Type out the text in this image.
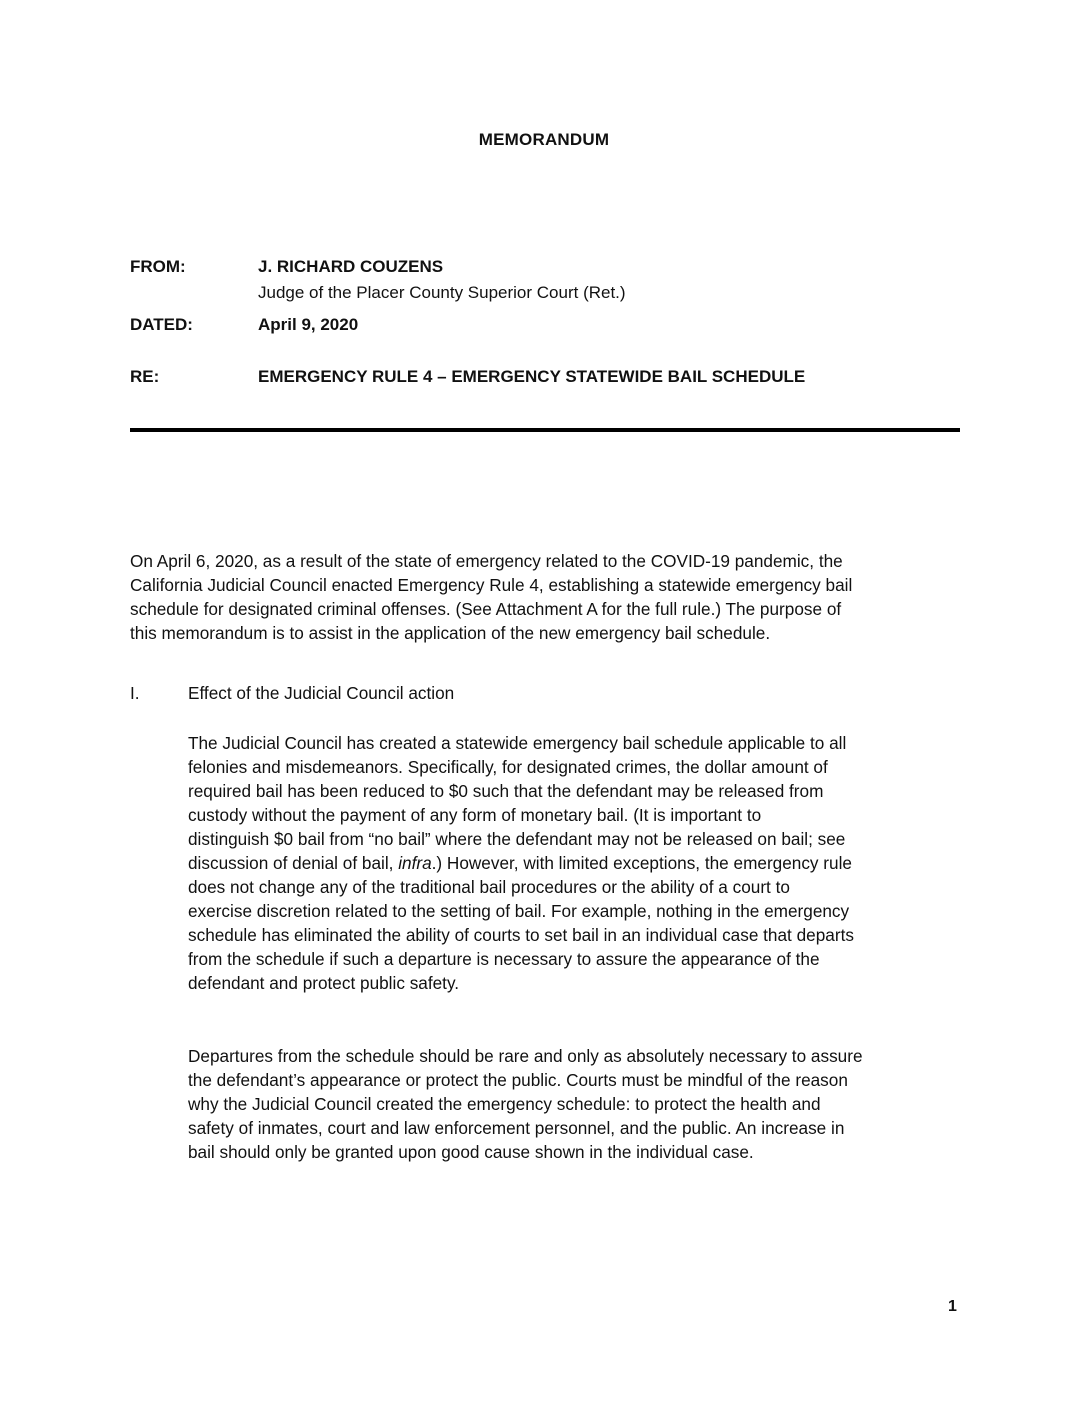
MEMORANDUM
FROM:	J. RICHARD COUZENS
Judge of the Placer County Superior Court (Ret.)
DATED:	April 9, 2020
RE:	EMERGENCY RULE 4 – EMERGENCY STATEWIDE BAIL SCHEDULE

On April 6, 2020, as a result of the state of emergency related to the COVID-19 pandemic, the
California Judicial Council enacted Emergency Rule 4, establishing a statewide emergency bail
schedule for designated criminal offenses. (See Attachment A for the full rule.) The purpose of
this memorandum is to assist in the application of the new emergency bail schedule.

I.	Effect of the Judicial Council action

The Judicial Council has created a statewide emergency bail schedule applicable to all
felonies and misdemeanors. Specifically, for designated crimes, the dollar amount of
required bail has been reduced to $0 such that the defendant may be released from
custody without the payment of any form of monetary bail. (It is important to
distinguish $0 bail from “no bail” where the defendant may not be released on bail; see
discussion of denial of bail, infra.) However, with limited exceptions, the emergency rule
does not change any of the traditional bail procedures or the ability of a court to
exercise discretion related to the setting of bail. For example, nothing in the emergency
schedule has eliminated the ability of courts to set bail in an individual case that departs
from the schedule if such a departure is necessary to assure the appearance of the
defendant and protect public safety.

Departures from the schedule should be rare and only as absolutely necessary to assure
the defendant’s appearance or protect the public. Courts must be mindful of the reason
why the Judicial Council created the emergency schedule: to protect the health and
safety of inmates, court and law enforcement personnel, and the public. An increase in
bail should only be granted upon good cause shown in the individual case.

1
